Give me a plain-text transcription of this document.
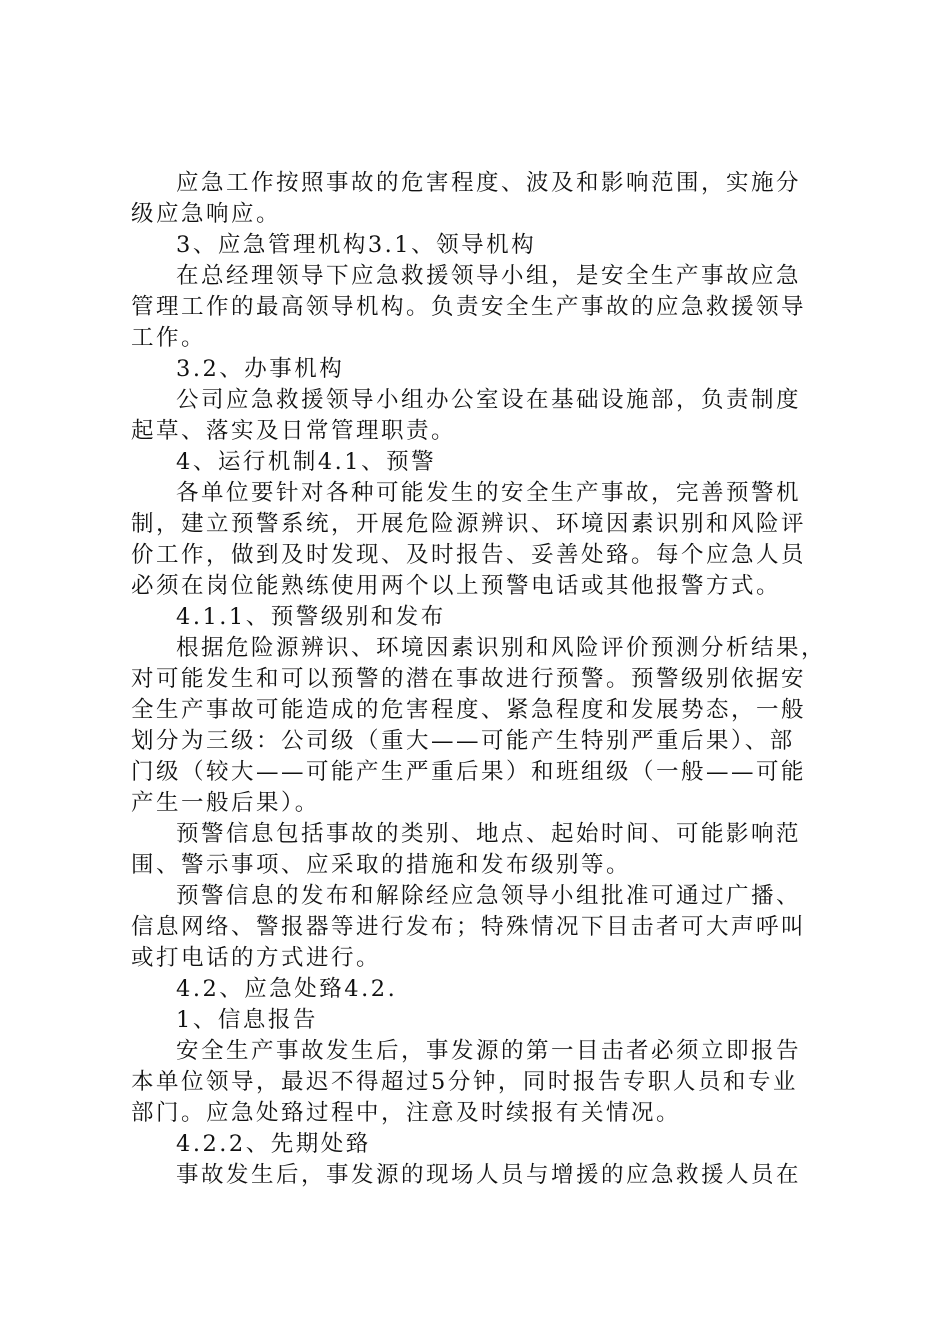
应急工作按照事故的危害程度、波及和影响范围，实施分
级应急响应。
3、应急管理机构3.1、领导机构
在总经理领导下应急救援领导小组，是安全生产事故应急
管理工作的最高领导机构。负责安全生产事故的应急救援领导
工作。
3.2、办事机构
公司应急救援领导小组办公室设在基础设施部，负责制度
起草、落实及日常管理职责。
4、运行机制4.1、预警
各单位要针对各种可能发生的安全生产事故，完善预警机
制，建立预警系统，开展危险源辨识、环境因素识别和风险评
价工作，做到及时发现、及时报告、妥善处臵。每个应急人员
必须在岗位能熟练使用两个以上预警电话或其他报警方式。
4.1.1、预警级别和发布
根据危险源辨识、环境因素识别和风险评价预测分析结果，
对可能发生和可以预警的潜在事故进行预警。预警级别依据安
全生产事故可能造成的危害程度、紧急程度和发展势态，一般
划分为三级：公司级（重大——可能产生特别严重后果）、部
门级（较大——可能产生严重后果）和班组级（一般——可能
产生一般后果）。
预警信息包括事故的类别、地点、起始时间、可能影响范
围、警示事项、应采取的措施和发布级别等。
预警信息的发布和解除经应急领导小组批准可通过广播、
信息网络、警报器等进行发布；特殊情况下目击者可大声呼叫
或打电话的方式进行。
4.2、应急处臵4.2.
1、信息报告
安全生产事故发生后，事发源的第一目击者必须立即报告
本单位领导，最迟不得超过5分钟，同时报告专职人员和专业
部门。应急处臵过程中，注意及时续报有关情况。
4.2.2、先期处臵
事故发生后，事发源的现场人员与增援的应急救援人员在
